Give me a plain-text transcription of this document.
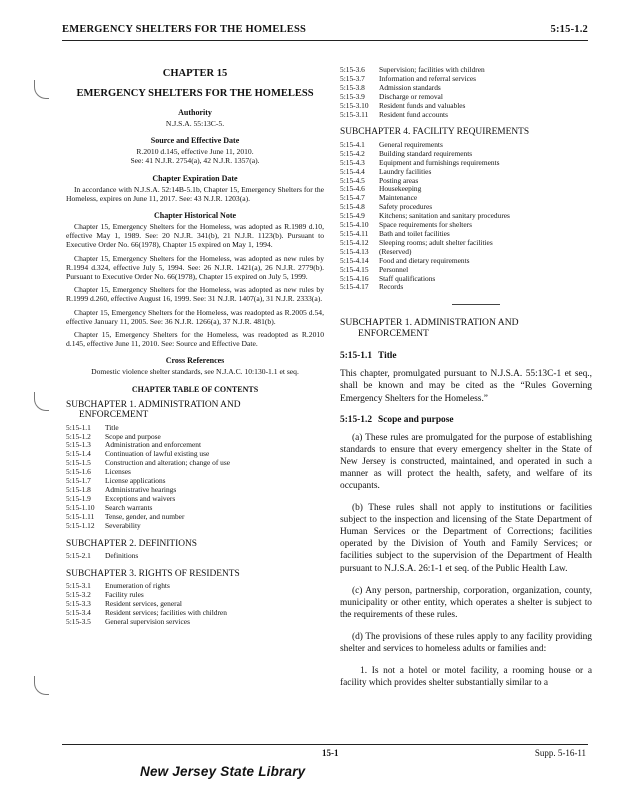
EMERGENCY SHELTERS FOR THE HOMELESS	5:15-1.2
CHAPTER 15
EMERGENCY SHELTERS FOR THE HOMELESS
Authority
N.J.S.A. 55:13C-5.
Source and Effective Date
R.2010 d.145, effective June 11, 2010.
See: 41 N.J.R. 2754(a), 42 N.J.R. 1357(a).
Chapter Expiration Date

In accordance with N.J.S.A. 52:14B-5.1b, Chapter 15, Emergency Shelters for the Homeless, expires on June 11, 2017. See: 43 N.J.R. 1203(a).

Chapter Historical Note

Chapter 15, Emergency Shelters for the Homeless, was adopted as R.1989 d.10, effective May 1, 1989. See: 20 N.J.R. 341(b), 21 N.J.R. 1123(b). Pursuant to Executive Order No. 66(1978), Chapter 15 expired on May 1, 1994.

Chapter 15, Emergency Shelters for the Homeless, was adopted as new rules by R.1994 d.324, effective July 5, 1994. See: 26 N.J.R. 1421(a), 26 N.J.R. 2779(b). Pursuant to Executive Order No. 66(1978), Chapter 15 expired on July 5, 1999.

Chapter 15, Emergency Shelters for the Homeless, was adopted as new rules by R.1999 d.260, effective August 16, 1999. See: 31 N.J.R. 1407(a), 31 N.J.R. 2333(a).

Chapter 15, Emergency Shelters for the Homeless, was readopted as R.2005 d.54, effective January 11, 2005. See: 36 N.J.R. 1266(a), 37 N.J.R. 481(b).

Chapter 15, Emergency Shelters for the Homeless, was readopted as R.2010 d.145, effective June 11, 2010. See: Source and Effective Date.

Cross References
Domestic violence shelter standards, see N.J.A.C. 10:130-1.1 et seq.
CHAPTER TABLE OF CONTENTS
SUBCHAPTER 1. ADMINISTRATION AND
ENFORCEMENT
5:15-1.1 Title
5:15-1.2 Scope and purpose
5:15-1.3 Administration and enforcement
5:15-1.4 Continuation of lawful existing use
5:15-1.5 Construction and alteration; change of use
5:15-1.6 Licenses
5:15-1.7 License applications
5:15-1.8 Administrative hearings
5:15-1.9 Exceptions and waivers
5:15-1.10 Search warrants
5:15-1.11 Tense, gender, and number
5:15-1.12 Severability
SUBCHAPTER 2. DEFINITIONS
5:15-2.1 Definitions
SUBCHAPTER 3. RIGHTS OF RESIDENTS
5:15-3.1 Enumeration of rights
5:15-3.2 Facility rules
5:15-3.3 Resident services, general
5:15-3.4 Resident services; facilities with children
5:15-3.5 General supervision services
5:15-3.6 Supervision; facilities with children
5:15-3.7 Information and referral services
5:15-3.8 Admission standards
5:15-3.9 Discharge or removal
5:15-3.10 Resident funds and valuables
5:15-3.11 Resident fund accounts
SUBCHAPTER 4. FACILITY REQUIREMENTS
5:15-4.1 General requirements
5:15-4.2 Building standard requirements
5:15-4.3 Equipment and furnishings requirements
5:15-4.4 Laundry facilities
5:15-4.5 Posting areas
5:15-4.6 Housekeeping
5:15-4.7 Maintenance
5:15-4.8 Safety procedures
5:15-4.9 Kitchens; sanitation and sanitary procedures
5:15-4.10 Space requirements for shelters
5:15-4.11 Bath and toilet facilities
5:15-4.12 Sleeping rooms; adult shelter facilities
5:15-4.13 (Reserved)
5:15-4.14 Food and dietary requirements
5:15-4.15 Personnel
5:15-4.16 Staff qualifications
5:15-4.17 Records
SUBCHAPTER 1. ADMINISTRATION AND
ENFORCEMENT
5:15-1.1 Title

This chapter, promulgated pursuant to N.J.S.A. 55:13C-1 et seq., shall be known and may be cited as the “Rules Governing Emergency Shelters for the Homeless.”

5:15-1.2 Scope and purpose

(a) These rules are promulgated for the purpose of establishing standards to ensure that every emergency shelter in the State of New Jersey is constructed, maintained, and operated in such a manner as will protect the health, safety, and welfare of its occupants.

(b) These rules shall not apply to institutions or facilities subject to the inspection and licensing of the State Department of Human Services or the Department of Corrections; facilities operated by the Division of Youth and Family Services; or facilities subject to the supervision of the Department of Health pursuant to N.J.S.A. 26:1-1 et seq. of the Public Health Law.

(c) Any person, partnership, corporation, organization, county, municipality or other entity, which operates a shelter is subject to the requirements of these rules.

(d) The provisions of these rules apply to any facility providing shelter and services to homeless adults or families and:

1. Is not a hotel or motel facility, a rooming house or a facility which provides shelter substantially similar to a

15-1	Supp. 5-16-11
New Jersey State Library
